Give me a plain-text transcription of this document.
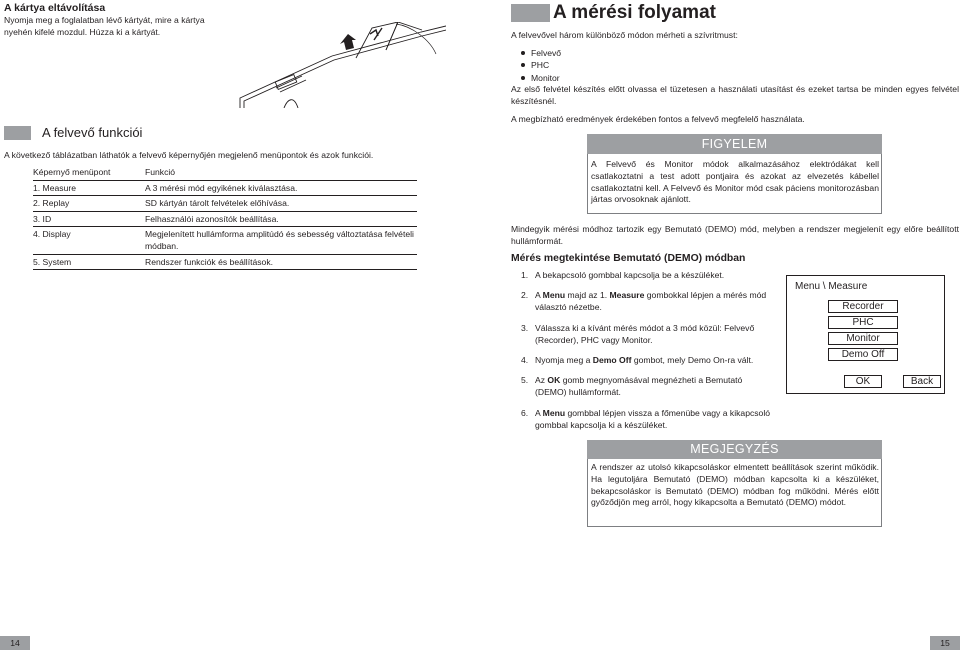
A kártya eltávolítása
Nyomja meg a foglalatban lévő kártyát, mire a kártya nyehén kifelé mozdul. Húzza ki a kártyát.
A felvevő funkciói
A következő táblázatban láthatók a felvevő képernyőjén megjelenő menüpontok és azok funkciói.
Képernyő menüpont	Funkció
1. Measure	A 3 mérési mód egyikének kiválasztása.
2. Replay	SD kártyán tárolt felvételek előhívása.
3. ID	Felhasználói azonosítók beállítása.
4. Display	Megjelenített hullámforma amplitúdó és sebesség változtatása felvételi módban.
5. System	Rendszer funkciók és beállítások.
14
A mérési folyamat
A felvevővel három különböző módon mérheti a szívritmust:
Felvevő
PHC
Monitor
Az első felvétel készítés előtt olvassa el tüzetesen a használati utasítást és ezeket tartsa be minden egyes felvétel készítésnél.
A megbízható eredmények érdekében fontos a felvevő megfelelő használata.
FIGYELEM
A Felvevő és Monitor módok alkalmazásához elektródákat kell csatlakoztatni a test adott pontjaira és azokat az elvezetés kábellel csatlakoztatni kell. A Felvevő és Monitor mód csak páciens monitorozásban jártas orvosoknak ajánlott.
Mindegyik mérési módhoz tartozik egy Bemutató (DEMO) mód, melyben a rendszer megjelenít egy előre beállított hullámformát.
Mérés megtekintése Bemutató (DEMO) módban
1. A bekapcsoló gombbal kapcsolja be a készüléket.
2. A Menu majd az 1. Measure gombokkal lépjen a mérés mód választó nézetbe.
3. Válassza ki a kívánt mérés módot a 3 mód közül: Felvevő (Recorder), PHC vagy Monitor.
4. Nyomja meg a Demo Off gombot, mely Demo On-ra vált.
5. Az OK gomb megnyomásával megnézheti a Bemutató (DEMO) hullámformát.
6. A Menu gombbal lépjen vissza a főmenübe vagy a kikapcsoló gombbal kapcsolja ki a készüléket.
Menu \ Measure
Recorder
PHC
Monitor
Demo Off
OK	Back
MEGJEGYZÉS
A rendszer az utolsó kikapcsoláskor elmentett beállítások szerint működik. Ha legutoljára Bemutató (DEMO) módban kapcsolta ki a készüléket, bekapcsoláskor is Bemutató (DEMO) módban fog működni. Mérés előtt győződjön meg arról, hogy kikapcsolta a Bemutató (DEMO) módot.
15
